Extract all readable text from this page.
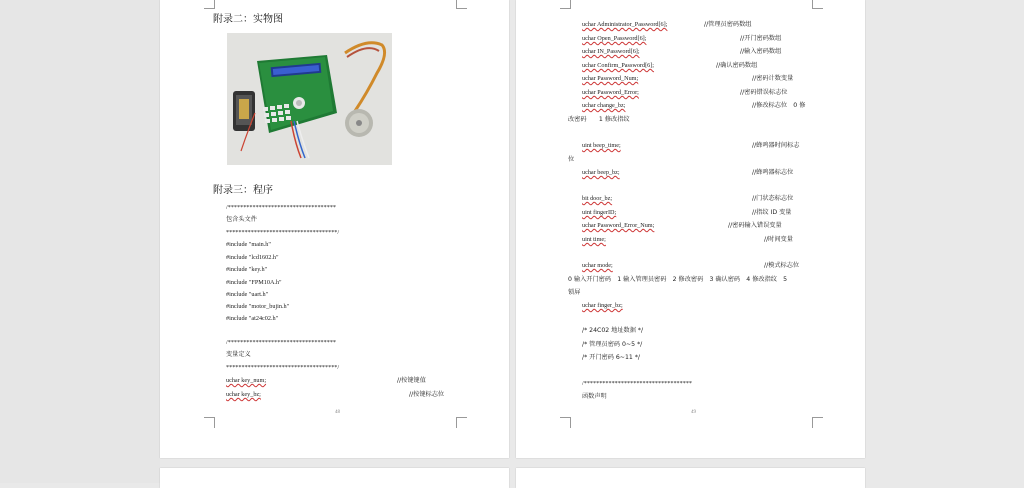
附录二：实物图
附录三：程序
/***********************************
包含头文件
************************************/
#include "main.h"
#include "lcd1602.h"
#include "key.h"
#include "FPM10A.h"
#include "uart.h"
#include "motor_bujin.h"
#include "at24c02.h"
/***********************************
变量定义
************************************/
uchar key_num;	//按键键值
uchar key_bz;	//按键标志位
48
uchar Administrator_Password[6];	//管理员密码数组
uchar Open_Password[6];	//开门密码数组
uchar IN_Password[6];	//输入密码数组
uchar Confirm_Password[6];	//确认密码数组
uchar Password_Num;	//密码计数变量
uchar Password_Error;	//密码错误标志位
uchar change_bz;	//修改标志位　0 修
改密码　　1 修改指纹
uint beep_time;	//蜂鸣器时间标志
位
uchar beep_bz;	//蜂鸣器标志位
bit door_bz;	//门状态标志位
uint fingerID;	//指纹 ID 变量
uchar Password_Error_Num;	//密码输入错误变量
uint time;	//时间变量
uchar mode;	//模式标志位
0 输入开门密码　1 输入管理员密码　2 修改密码　3 确认密码　4 修改指纹　5
锁屏
uchar finger_bz;
/* 24C02 地址数据 */
/* 管理员密码 0~5 */
/* 开门密码 6~11 */
/***********************************
函数声明
49
